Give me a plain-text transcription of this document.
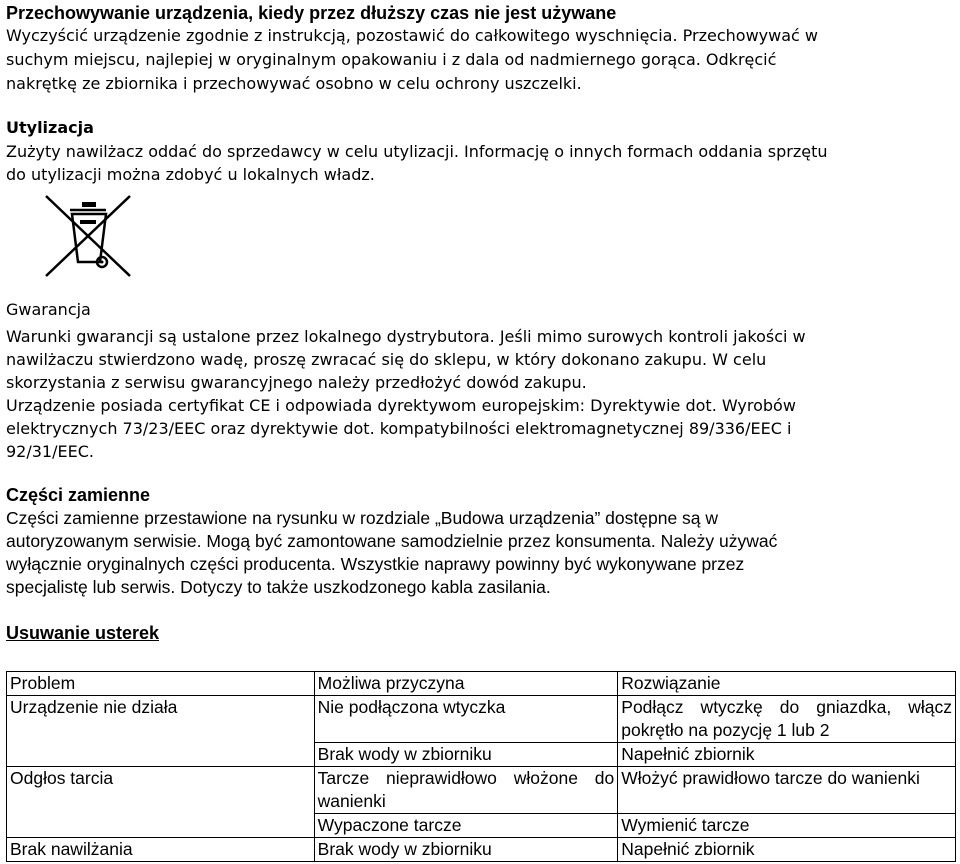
Przechowywanie urządzenia, kiedy przez dłuższy czas nie jest używane

Wyczyścić urządzenie zgodnie z instrukcją, pozostawić do całkowitego wyschnięcia. Przechowywać w

suchym miejscu, najlepiej w oryginalnym opakowaniu i z dala od nadmiernego gorąca. Odkręcić

nakrętkę ze zbiornika i przechowywać osobno w celu ochrony uszczelki.

Utylizacja

Zużyty nawilżacz oddać do sprzedawcy w celu utylizacji. Informację o innych formach oddania sprzętu

do utylizacji można zdobyć u lokalnych władz.

Gwarancja

Warunki gwarancji są ustalone przez lokalnego dystrybutora. Jeśli mimo surowych kontroli jakości w

nawilżaczu stwierdzono wadę, proszę zwracać się do sklepu, w który dokonano zakupu. W celu

skorzystania z serwisu gwarancyjnego należy przedłożyć dowód zakupu.

Urządzenie posiada certyfikat CE i odpowiada dyrektywom europejskim: Dyrektywie dot. Wyrobów

elektrycznych 73/23/EEC oraz dyrektywie dot. kompatybilności elektromagnetycznej 89/336/EEC i

92/31/EEC.

Części zamienne

Części zamienne przestawione na rysunku w rozdziale „Budowa urządzenia” dostępne są w

autoryzowanym serwisie. Mogą być zamontowane samodzielnie przez konsumenta. Należy używać

wyłącznie oryginalnych części producenta. Wszystkie naprawy powinny być wykonywane przez

specjalistę lub serwis. Dotyczy to także uszkodzonego kabla zasilania.

Usuwanie usterek
Problem	Możliwa przyczyna	Rozwiązanie
Urządzenie nie działa	Nie podłączona wtyczka	Podłącz wtyczkę do gniazdka, włącz pokrętło na pozycję 1 lub 2
	Brak wody w zbiorniku	Napełnić zbiornik
Odgłos tarcia	Tarcze nieprawidłowo włożone do wanienki	Włożyć prawidłowo tarcze do wanienki
	Wypaczone tarcze	Wymienić tarcze
Brak nawilżania	Brak wody w zbiorniku	Napełnić zbiornik
